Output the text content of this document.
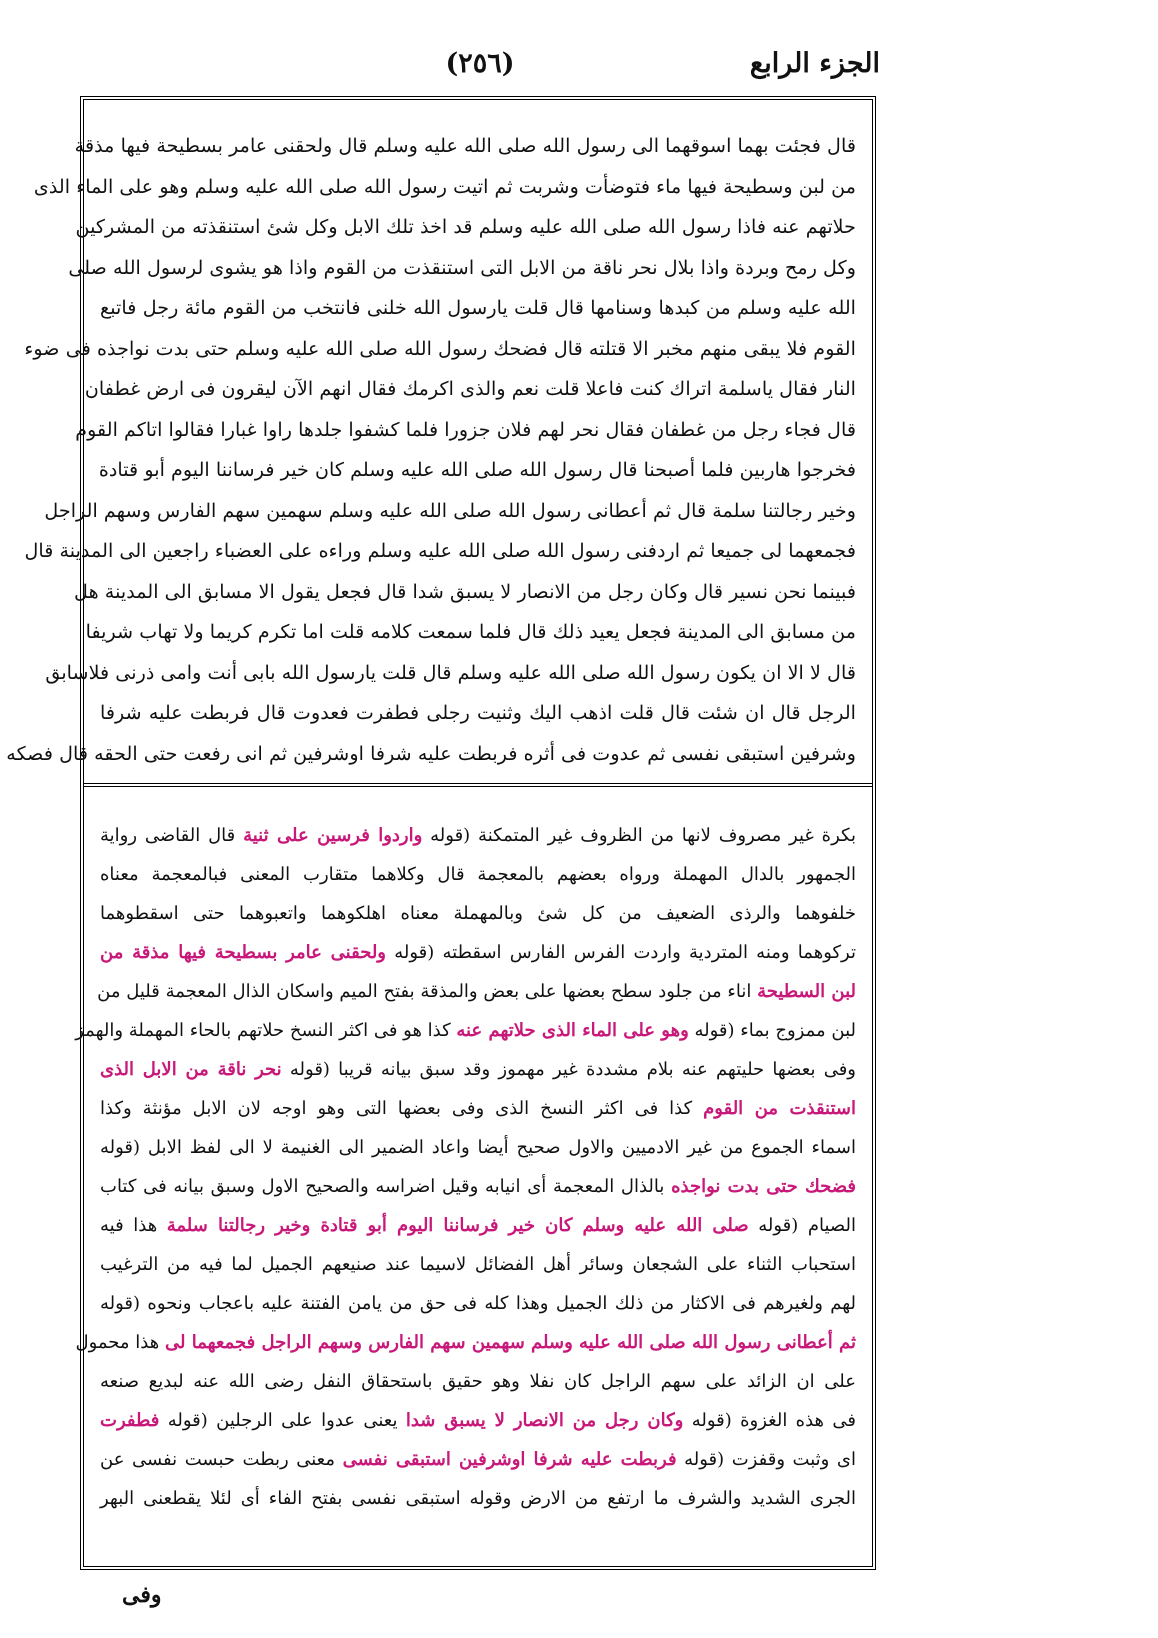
الجزء الرابع
(٢٥٦)

قال فجئت بهما اسوقهما الى رسول الله صلى الله عليه وسلم قال ولحقنى عامر بسطيحة فيها مذقة

من لبن وسطيحة فيها ماء فتوضأت وشربت ثم اتيت رسول الله صلى الله عليه وسلم وهو على الماء الذى

حلاتهم عنه فاذا رسول الله صلى الله عليه وسلم قد اخذ تلك الابل وكل شئ استنقذته من المشركين

وكل رمح وبردة واذا بلال نحر ناقة من الابل التى استنقذت من القوم واذا هو يشوى لرسول الله صلى

الله عليه وسلم من كبدها وسنامها قال قلت يارسول الله خلنى فانتخب من القوم مائة رجل فاتبع

القوم فلا يبقى منهم مخبر الا قتلته قال فضحك رسول الله صلى الله عليه وسلم حتى بدت نواجذه فى ضوء

النار فقال ياسلمة اتراك كنت فاعلا قلت نعم والذى اكرمك فقال انهم الآن ليقرون فى ارض غطفان

قال فجاء رجل من غطفان فقال نحر لهم فلان جزورا فلما كشفوا جلدها راوا غبارا فقالوا اتاكم القوم

فخرجوا هاربين فلما أصبحنا قال رسول الله صلى الله عليه وسلم كان خير فرساننا اليوم أبو قتادة

وخير رجالتنا سلمة قال ثم أعطانى رسول الله صلى الله عليه وسلم سهمين سهم الفارس وسهم الراجل

فجمعهما لى جميعا ثم اردفنى رسول الله صلى الله عليه وسلم وراءه على العضباء راجعين الى المدينة قال

فبينما نحن نسير قال وكان رجل من الانصار لا يسبق شدا قال فجعل يقول الا مسابق الى المدينة هل

من مسابق الى المدينة فجعل يعيد ذلك قال فلما سمعت كلامه قلت اما تكرم كريما ولا تهاب شريفا

قال لا الا ان يكون رسول الله صلى الله عليه وسلم قال قلت يارسول الله بابى أنت وامى ذرنى فلاسابق

الرجل قال ان شئت قال قلت اذهب اليك وثنيت رجلى فطفرت فعدوت قال فربطت عليه شرفا

وشرفين استبقى نفسى ثم عدوت فى أثره فربطت عليه شرفا اوشرفين ثم انى رفعت حتى الحقه قال فصكه

بكرة غير مصروف لانها من الظروف غير المتمكنة (قوله واردوا فرسين على ثنية قال القاضى رواية

الجمهور بالدال المهملة ورواه بعضهم بالمعجمة قال وكلاهما متقارب المعنى فبالمعجمة معناه

خلفوهما والرذى الضعيف من كل شئ وبالمهملة معناه اهلكوهما واتعبوهما حتى اسقطوهما

تركوهما ومنه المتردية واردت الفرس الفارس اسقطته (قوله ولحقنى عامر بسطيحة فيها مذقة من

لبن السطيحة اناء من جلود سطح بعضها على بعض والمذقة بفتح الميم واسكان الذال المعجمة قليل من

لبن ممزوج بماء (قوله وهو على الماء الذى حلاتهم عنه كذا هو فى اكثر النسخ حلاتهم بالحاء المهملة والهمز

وفى بعضها حليتهم عنه بلام مشددة غير مهموز وقد سبق بيانه قريبا (قوله نحر ناقة من الابل الذى

استنقذت من القوم كذا فى اكثر النسخ الذى وفى بعضها التى وهو اوجه لان الابل مؤنثة وكذا

اسماء الجموع من غير الادميين والاول صحيح أيضا واعاد الضمير الى الغنيمة لا الى لفظ الابل (قوله

فضحك حتى بدت نواجذه بالذال المعجمة أى انيابه وقيل اضراسه والصحيح الاول وسبق بيانه فى كتاب

الصيام (قوله صلى الله عليه وسلم كان خير فرساننا اليوم أبو قتادة وخير رجالتنا سلمة هذا فيه

استحباب الثناء على الشجعان وسائر أهل الفضائل لاسيما عند صنيعهم الجميل لما فيه من الترغيب

لهم ولغيرهم فى الاكثار من ذلك الجميل وهذا كله فى حق من يامن الفتنة عليه باعجاب ونحوه (قوله

ثم أعطانى رسول الله صلى الله عليه وسلم سهمين سهم الفارس وسهم الراجل فجمعهما لى هذا محمول

على ان الزائد على سهم الراجل كان نفلا وهو حقيق باستحقاق النفل رضى الله عنه لبديع صنعه

فى هذه الغزوة (قوله وكان رجل من الانصار لا يسبق شدا يعنى عدوا على الرجلين (قوله فطفرت

اى وثبت وقفزت (قوله فربطت عليه شرفا اوشرفين استبقى نفسى معنى ربطت حبست نفسى عن

الجرى الشديد والشرف ما ارتفع من الارض وقوله استبقى نفسى بفتح الفاء أى لئلا يقطعنى البهر

وفى
